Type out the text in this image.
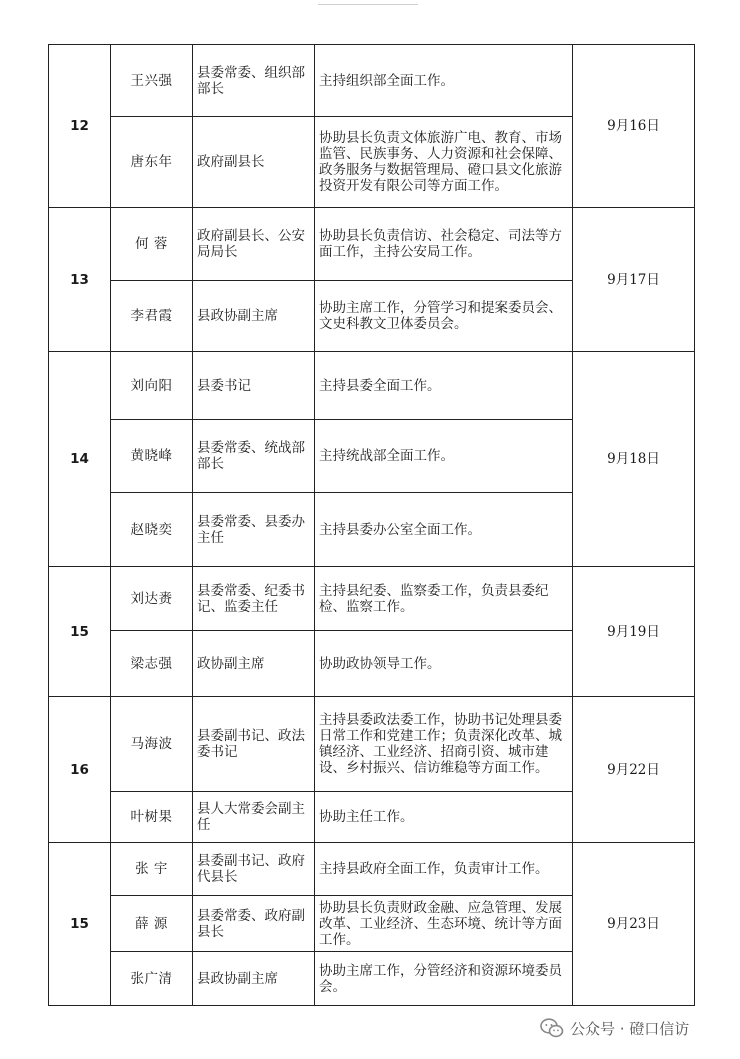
12	王兴强	县委常委、组织部部长	主持组织部全面工作。	9月16日
	唐东年	政府副县长	协助县长负责文体旅游广电、教育、市场监管、民族事务、人力资源和社会保障、政务服务与数据管理局、磴口县文化旅游投资开发有限公司等方面工作。	
13	何 蓉	政府副县长、公安局局长	协助县长负责信访、社会稳定、司法等方面工作，主持公安局工作。	9月17日
	李君霞	县政协副主席	协助主席工作，分管学习和提案委员会、文史科教文卫体委员会。	
14	刘向阳	县委书记	主持县委全面工作。	9月18日
	黄晓峰	县委常委、统战部部长	主持统战部全面工作。	
	赵晓奕	县委常委、县委办主任	主持县委办公室全面工作。	
15	刘达赉	县委常委、纪委书记、监委主任	主持县纪委、监察委工作，负责县委纪检、监察工作。	9月19日
	梁志强	政协副主席	协助政协领导工作。	
16	马海波	县委副书记、政法委书记	主持县委政法委工作，协助书记处理县委日常工作和党建工作；负责深化改革、城镇经济、工业经济、招商引资、城市建设、乡村振兴、信访维稳等方面工作。	9月22日
	叶树果	县人大常委会副主任	协助主任工作。	
15	张 宇	县委副书记、政府代县长	主持县政府全面工作，负责审计工作。	9月23日
	薛 源	县委常委、政府副县长	协助县长负责财政金融、应急管理、发展改革、工业经济、生态环境、统计等方面工作。	
	张广清	县政协副主席	协助主席工作，分管经济和资源环境委员会。	
公众号 · 磴口信访
